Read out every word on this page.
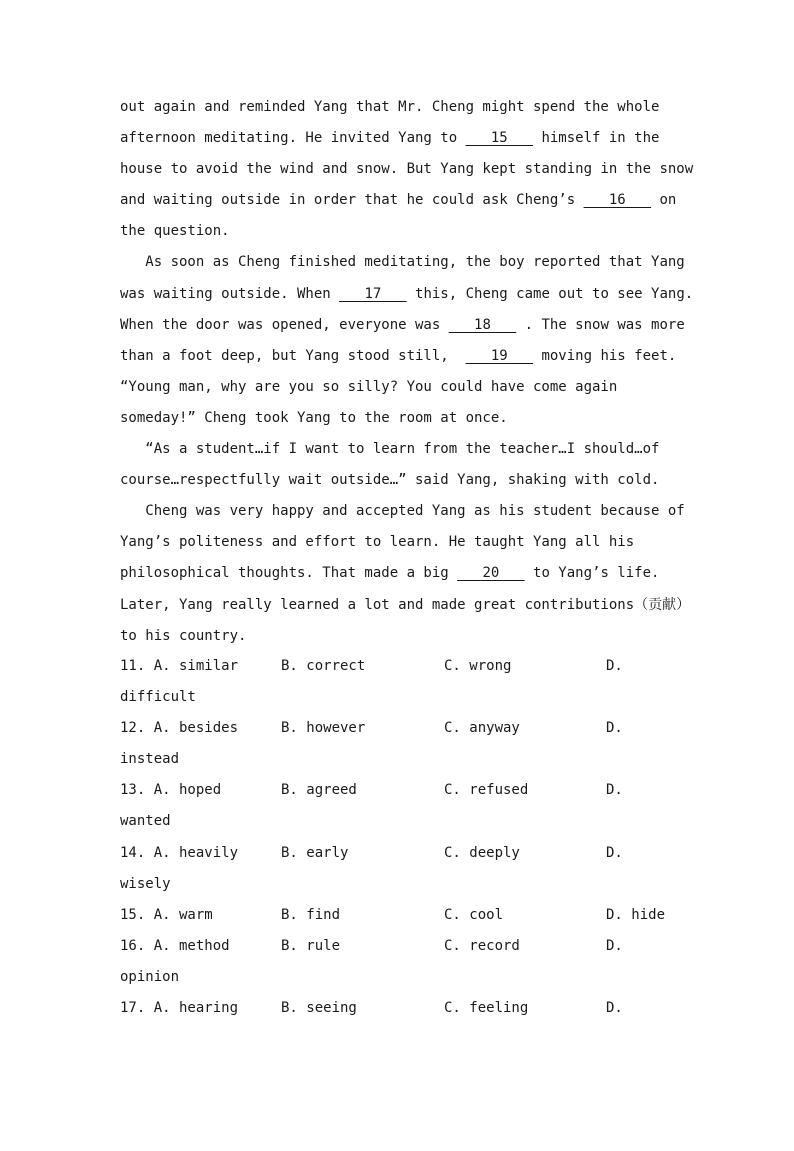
out again and reminded Yang that Mr. Cheng might spend the whole
afternoon meditating. He invited Yang to ___15___ himself in the
house to avoid the wind and snow. But Yang kept standing in the snow
and waiting outside in order that he could ask Cheng’s ___16___ on
the question.
As soon as Cheng finished meditating, the boy reported that Yang
was waiting outside. When ___17___ this, Cheng came out to see Yang.
When the door was opened, everyone was ___18___ . The snow was more
than a foot deep, but Yang stood still,  ___19___ moving his feet.
“Young man, why are you so silly? You could have come again
someday!” Cheng took Yang to the room at once.
“As a student…if I want to learn from the teacher…I should…of
course…respectfully wait outside…” said Yang, shaking with cold.
Cheng was very happy and accepted Yang as his student because of
Yang’s politeness and effort to learn. He taught Yang all his
philosophical thoughts. That made a big ___20___ to Yang’s life.
Later, Yang really learned a lot and made great contributions（贡献）
to his country.

11. A. similar

	B. correct

	C. wrong

	D.

difficult

12. A. besides

	B. however

	C. anyway

	D.

instead

13. A. hoped

	B. agreed

	C. refused

	D.

wanted

14. A. heavily

	B. early

	C. deeply

	D.

wisely

15. A. warm

	B. find

	C. cool

	D. hide

16. A. method

	B. rule

	C. record

	D.

opinion

17. A. hearing

	B. seeing

	C. feeling

	D.
